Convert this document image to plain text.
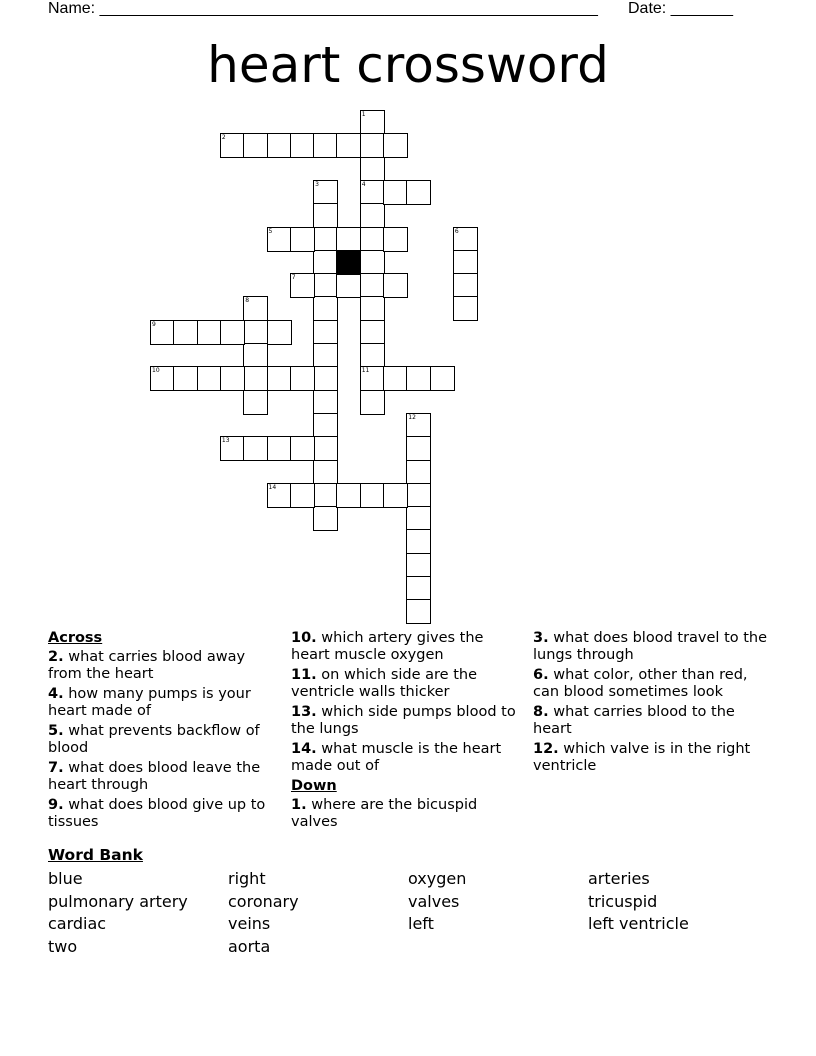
Name: ________________________________________________________ Date: _______
heart crossword
1
4
11
2
3
5	6
7
8
9
10
12
13
14
Across
2. what carries blood away from the heart
4. how many pumps is your heart made of
5. what prevents backflow of blood
7. what does blood leave the heart through
9. what does blood give up to tissues
10. which artery gives the heart muscle oxygen
11. on which side are the ventricle walls thicker
13. which side pumps blood to the lungs
14. what muscle is the heart made out of
Down
1. where are the bicuspid valves
3. what does blood travel to the lungs through
6. what color, other than red, can blood sometimes look
8. what carries blood to the heart
12. which valve is in the right ventricle
Word Bank
blue	right	oxygen	arteries
pulmonary artery	coronary	valves	tricuspid
cardiac	veins	left	left ventricle
two	aorta
